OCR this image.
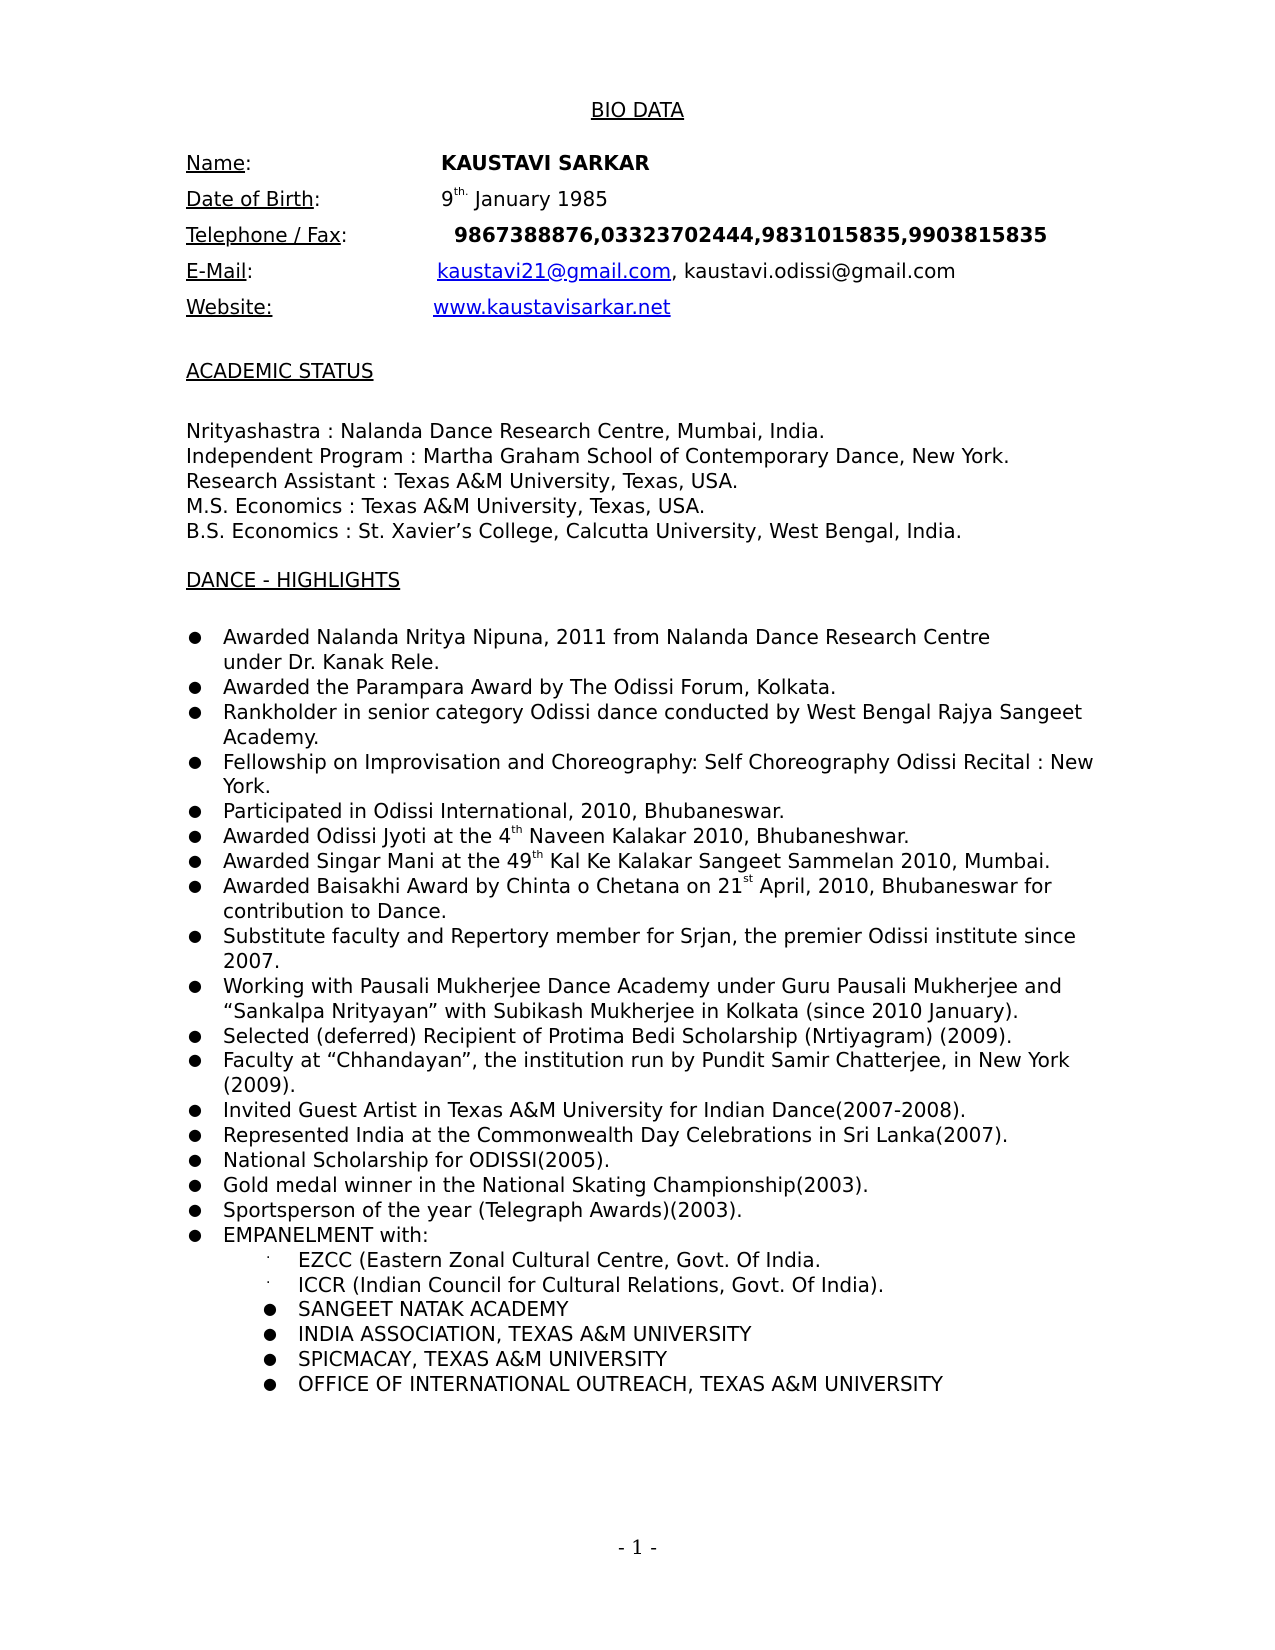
BIO DATA
Name:	KAUSTAVI SARKAR
Date of Birth:	$9^{th.}$ January 1985
Telephone / Fax:	9867388876,03323702444,9831015835,9903815835
E-Mail:	kaustavi21@gmail.com, kaustavi.odissi@gmail.com
Website:	www.kaustavisarkar.net
ACADEMIC STATUS
Nrityashastra : Nalanda Dance Research Centre, Mumbai, India.
Independent Program : Martha Graham School of Contemporary Dance, New York.
Research Assistant : Texas A&M University, Texas, USA.
M.S. Economics : Texas A&M University, Texas, USA.
B.S. Economics : St. Xavier’s College, Calcutta University, West Bengal, India.
DANCE - HIGHLIGHTS
● Awarded Nalanda Nritya Nipuna, 2011 from Nalanda Dance Research Centre
under Dr. Kanak Rele.
● Awarded the Parampara Award by The Odissi Forum, Kolkata.
● Rankholder in senior category Odissi dance conducted by West Bengal Rajya Sangeet Academy.
● Fellowship on Improvisation and Choreography: Self Choreography Odissi Recital : New York.
● Participated in Odissi International, 2010, Bhubaneswar.
● Awarded Odissi Jyoti at the 4th Naveen Kalakar 2010, Bhubaneshwar.
● Awarded Singar Mani at the 49th Kal Ke Kalakar Sangeet Sammelan 2010, Mumbai.
● Awarded Baisakhi Award by Chinta o Chetana on 21st April, 2010, Bhubaneswar for contribution to Dance.
● Substitute faculty and Repertory member for Srjan, the premier Odissi institute since 2007.
● Working with Pausali Mukherjee Dance Academy under Guru Pausali Mukherjee and “Sankalpa Nrityayan” with Subikash Mukherjee in Kolkata (since 2010 January).
● Selected (deferred) Recipient of Protima Bedi Scholarship (Nrtiyagram) (2009).
● Faculty at “Chhandayan”, the institution run by Pundit Samir Chatterjee, in New York (2009).
● Invited Guest Artist in Texas A&M University for Indian Dance(2007-2008).
● Represented India at the Commonwealth Day Celebrations in Sri Lanka(2007).
● National Scholarship for ODISSI(2005).
● Gold medal winner in the National Skating Championship(2003).
● Sportsperson of the year (Telegraph Awards)(2003).
● EMPANELMENT with:
· EZCC (Eastern Zonal Cultural Centre, Govt. Of India.
· ICCR (Indian Council for Cultural Relations, Govt. Of India).
● SANGEET NATAK ACADEMY
● INDIA ASSOCIATION, TEXAS A&M UNIVERSITY
● SPICMACAY, TEXAS A&M UNIVERSITY
● OFFICE OF INTERNATIONAL OUTREACH, TEXAS A&M UNIVERSITY
- 1 -
